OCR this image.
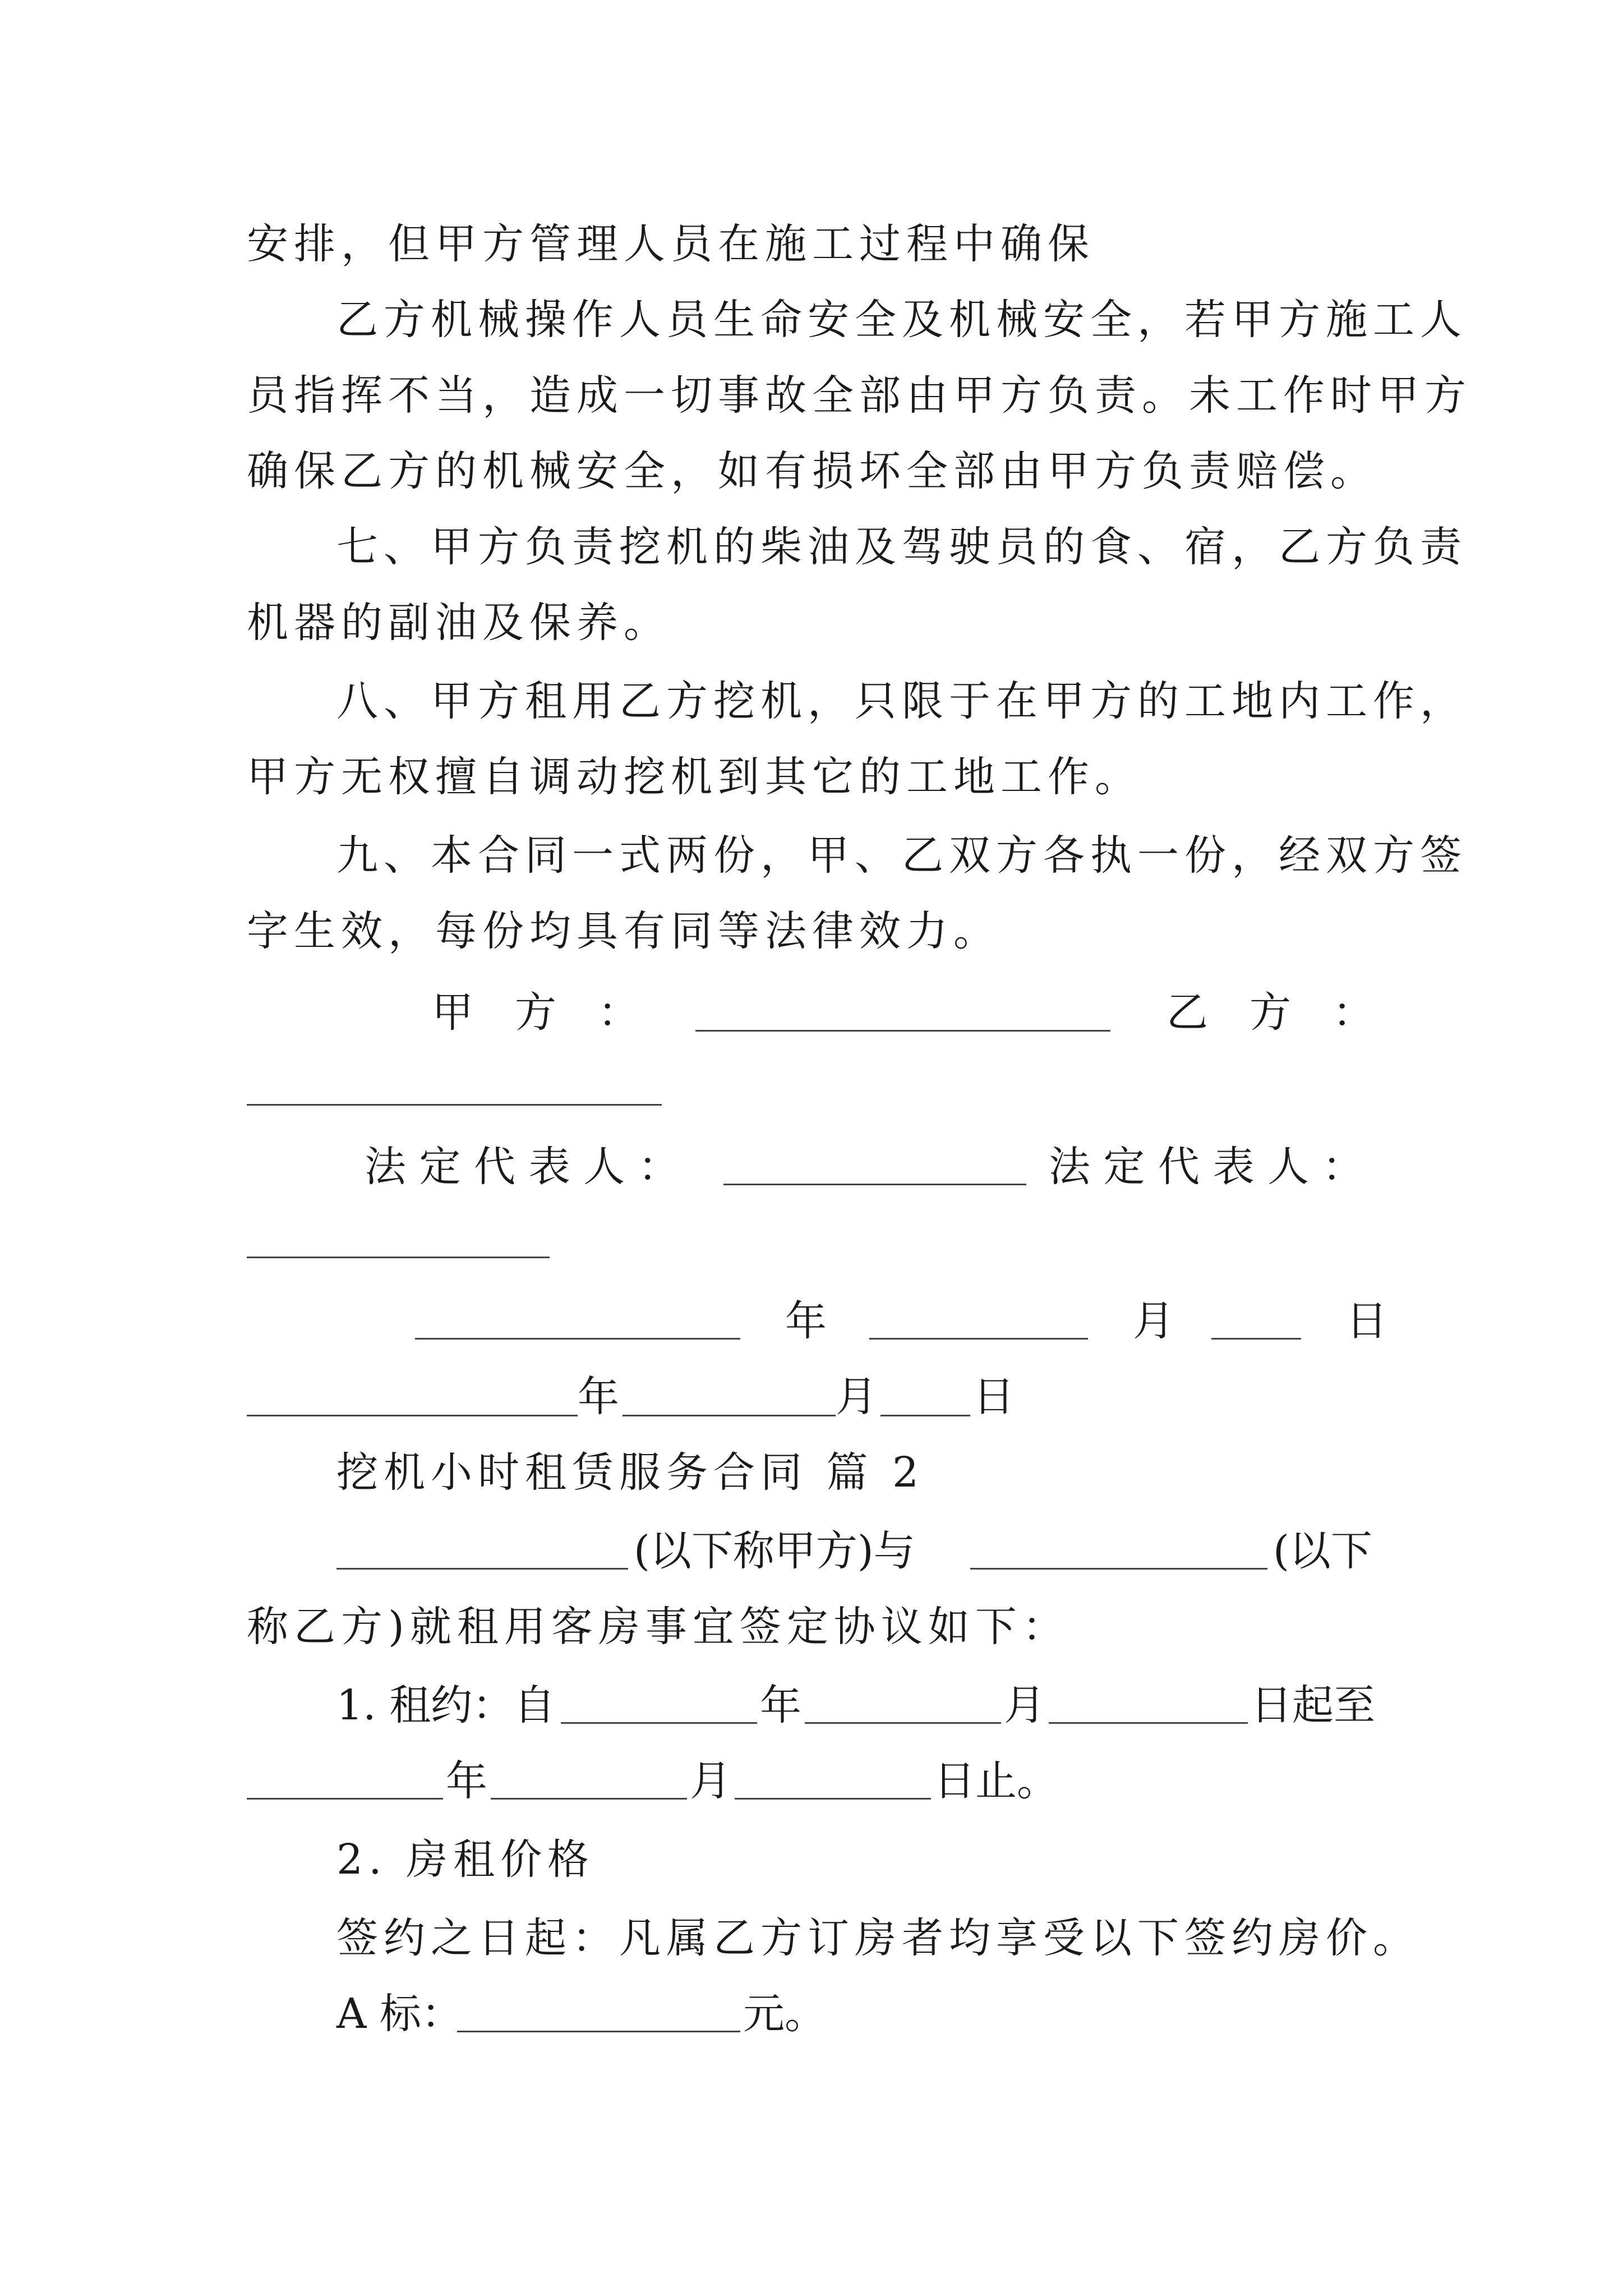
安排，但甲方管理人员在施工过程中确保
乙方机械操作人员生命安全及机械安全，若甲方施工人
员指挥不当，造成一切事故全部由甲方负责。未工作时甲方
确保乙方的机械安全，如有损坏全部由甲方负责赔偿。
七、甲方负责挖机的柴油及驾驶员的食、宿，乙方负责
机器的副油及保养。
八、甲方租用乙方挖机，只限于在甲方的工地内工作，
甲方无权擅自调动挖机到其它的工地工作。
九、本合同一式两份，甲、乙双方各执一份，经双方签
字生效，每份均具有同等法律效力。
甲　方　：	乙　方　：
法 定 代 表 人 ：	法 定 代 表 人 ：
年	月	日
年	月 日
挖机小时租赁服务合同 篇 2
(以下称甲方)与	(以下
称乙方)就租用客房事宜签定协议如下：
1. 租约：自	年	月	日起至
年	月	日止。
2. 房租价格
签约之日起：凡属乙方订房者均享受以下签约房价。
A 标：	元。
